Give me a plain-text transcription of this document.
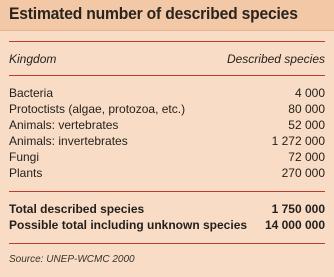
Estimated number of described species
Kingdom	Described species
Bacteria	4 000
Protoctists (algae, protozoa, etc.)	80 000
Animals: vertebrates	52 000
Animals: invertebrates	1 272 000
Fungi	72 000
Plants	270 000
Total described species	1 750 000
Possible total including unknown species 14 000 000
Source: UNEP-WCMC 2000
